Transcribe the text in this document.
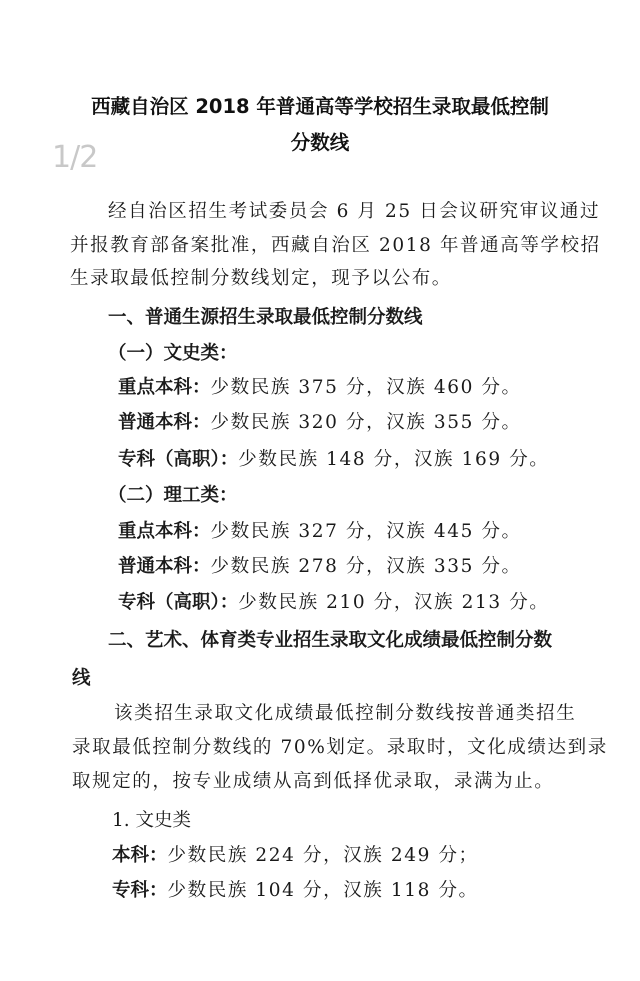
1/2
西藏自治区 2018 年普通高等学校招生录取最低控制
分数线
经自治区招生考试委员会 6 月 25 日会议研究审议通过
并报教育部备案批准，西藏自治区 2018 年普通高等学校招
生录取最低控制分数线划定，现予以公布。
一、普通生源招生录取最低控制分数线
（一）文史类：
重点本科：少数民族 375 分，汉族 460 分。
普通本科：少数民族 320 分，汉族 355 分。
专科（高职）：少数民族 148 分，汉族 169 分。
（二）理工类：
重点本科：少数民族 327 分，汉族 445 分。
普通本科：少数民族 278 分，汉族 335 分。
专科（高职）：少数民族 210 分，汉族 213 分。
二、艺术、体育类专业招生录取文化成绩最低控制分数
线
该类招生录取文化成绩最低控制分数线按普通类招生
录取最低控制分数线的 70%划定。录取时，文化成绩达到录
取规定的，按专业成绩从高到低择优录取，录满为止。
1. 文史类
本科：少数民族 224 分，汉族 249 分；
专科：少数民族 104 分，汉族 118 分。
